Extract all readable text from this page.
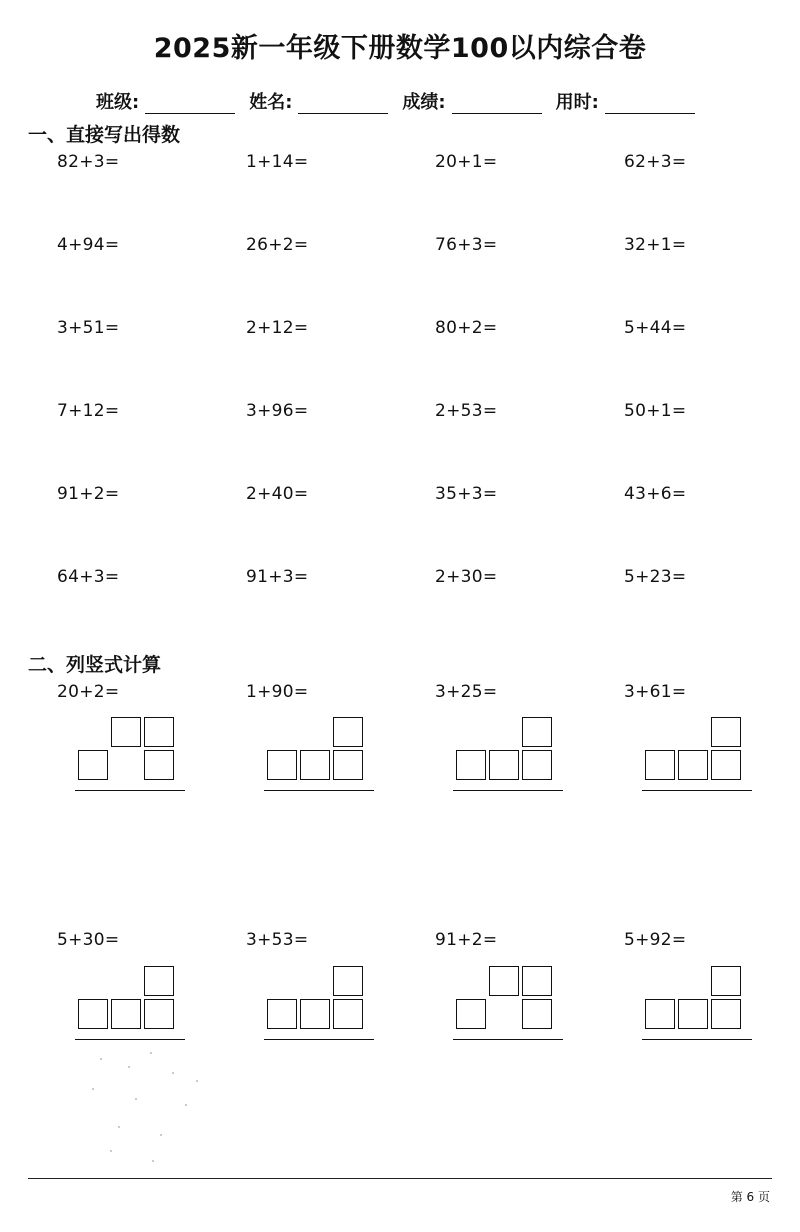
2025新一年级下册数学100以内综合卷
班级:	姓名:	成绩:	用时:
一、直接写出得数
82+3=	1+14=	20+1=	62+3=
4+94=	26+2=	76+3=	32+1=
3+51=	2+12=	80+2=	5+44=
7+12=	3+96=	2+53=	50+1=
91+2=	2+40=	35+3=	43+6=
64+3=	91+3=	2+30=	5+23=
二、列竖式计算
20+2=	1+90=	3+25=	3+61=
5+30=	3+53=	91+2=	5+92=
第 6 页
